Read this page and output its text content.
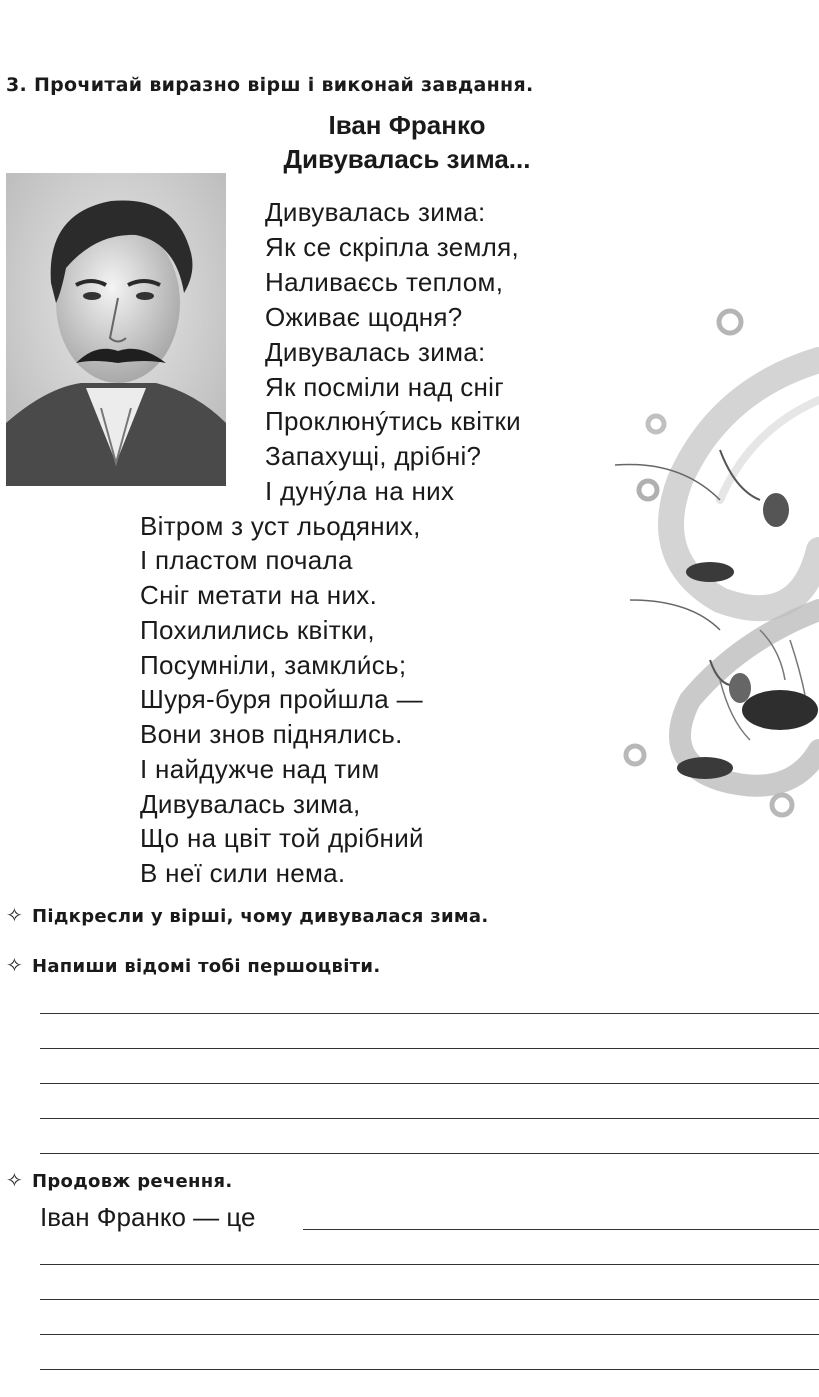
3. Прочитай виразно вірш і виконай завдання.
Іван Франко
Дивувалась зима...
Дивувалась зима:
Як се скріпла земля,
Наливаєсь теплом,
Оживає щодня?
Дивувалась зима:
Як посміли над сніг
Проклюнýтись квітки
Запахущі, дрібні?
І дунýла на них
Вітром з уст льодяних,
І пластом почала
Сніг метати на них.
Похилились квітки,
Посумніли, замкли́сь;
Шуря-буря пройшла —
Вони знов піднялись.
І найдужче над тим
Дивувалась зима,
Що на цвіт той дрібний
В неї сили нема.
✧ Підкресли у вірші, чому дивувалася зима.
✧ Напиши відомі тобі першоцвіти.
✧ Продовж речення.
Іван Франко — це
